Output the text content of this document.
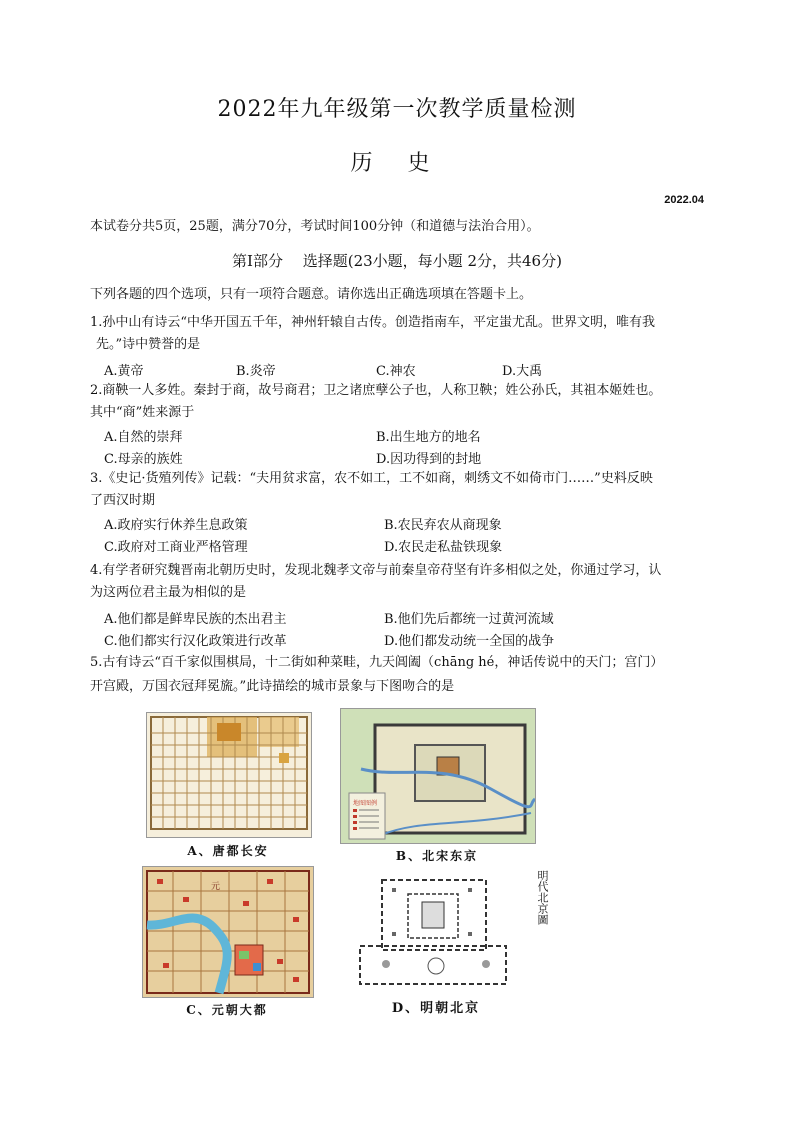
2022年九年级第一次教学质量检测
历 史
2022.04
本试卷分共5页，25题，满分70分，考试时间100分钟（和道德与法治合用）。
第Ⅰ部分　 选择题(23小题，每小题 2分，共46分)
下列各题的四个选项，只有一项符合题意。请你选出正确选项填在答题卡上。
1.孙中山有诗云“中华开国五千年，神州轩辕自古传。创造指南车，平定蚩尤乱。世界文明，唯有我
先。”诗中赞誉的是
A.黄帝	B.炎帝	C.神农	D.大禹
2.商鞅一人多姓。秦封于商，故号商君；卫之诸庶孽公子也，人称卫鞅；姓公孙氏，其祖本姬姓也。
其中“商”姓来源于
A.自然的崇拜	B.出生地方的地名
C.母亲的族姓	D.因功得到的封地
3.《史记·货殖列传》记载：“夫用贫求富，农不如工，工不如商，刺绣文不如倚市门……”史料反映
了西汉时期
A.政府实行休养生息政策	B.农民弃农从商现象
C.政府对工商业严格管理	D.农民走私盐铁现象
4.有学者研究魏晋南北朝历史时，发现北魏孝文帝与前秦皇帝苻坚有许多相似之处，你通过学习，认
为这两位君主最为相似的是
A.他们都是鲜卑民族的杰出君主	B.他们先后都统一过黄河流域
C.他们都实行汉化政策进行改革	D.他们都发动统一全国的战争
5.古有诗云“百千家似围棋局，十二街如种菜畦，九天阊阖（chāng hé，神话传说中的天门；宫门）
开宫殿，万国衣冠拜冕旒。”此诗描绘的城市景象与下图吻合的是
A、唐都长安
地图图例
B、北宋东京
元
C、元朝大都
明代北京圖
D、明朝北京
